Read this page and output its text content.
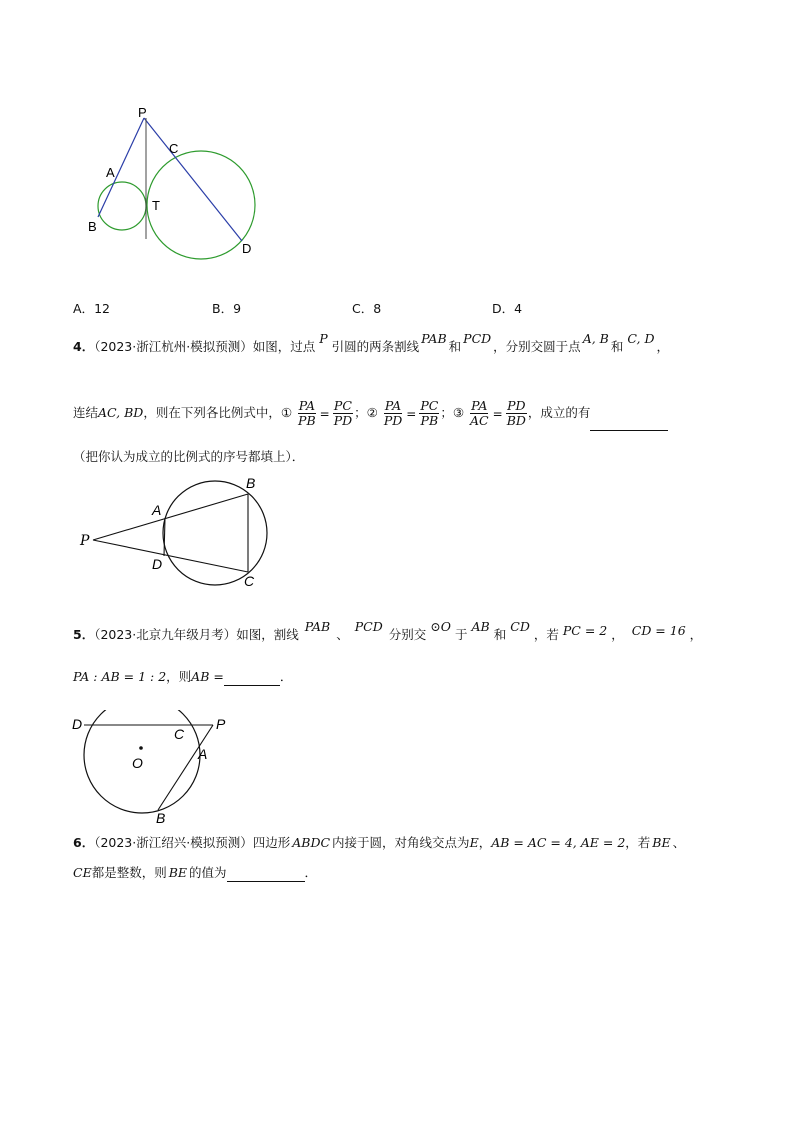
P
A
B
C
T
D
A．12	B．9	C．8	D．4
4．（2023·浙江杭州·模拟预测）如图，过点P引圆的两条割线PAB和PCD，分别交圆于点A, B和C, D，
连结AC, BD，则在下列各比例式中，① $\frac{PA}{PB} = \frac{PC}{PD}$ ；② $\frac{PA}{PD} = \frac{PC}{PB}$ ；③ $\frac{PA}{AC} = \frac{PD}{BD}$ ，成立的有
（把你认为成立的比例式的序号都填上）．
P
A
B
D
C
5．（2023·北京九年级月考）如图，割线PAB、PCD分别交⊙O于AB和CD，若 PC = 2 ， CD = 16 ，
PA : AB = 1 : 2，则AB =	．
D	P
C
O
A
B
6．（2023·浙江绍兴·模拟预测）四边形 ABDC 内接于圆，对角线交点为E，AB = AC = 4, AE = 2，若 BE 、
CE都是整数，则 BE 的值为	．
